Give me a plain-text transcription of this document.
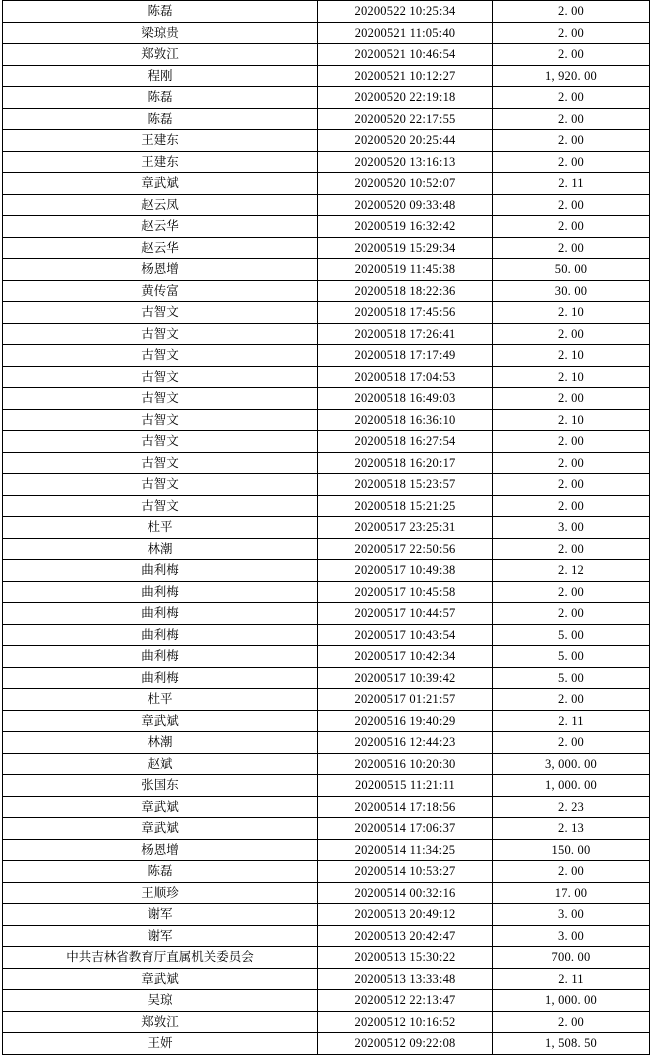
陈磊	20200522 10:25:34	2. 00
梁琼贵	20200521 11:05:40	2. 00
郑敦江	20200521 10:46:54	2. 00
程刚	20200521 10:12:27	1, 920. 00
陈磊	20200520 22:19:18	2. 00
陈磊	20200520 22:17:55	2. 00
王建东	20200520 20:25:44	2. 00
王建东	20200520 13:16:13	2. 00
章武斌	20200520 10:52:07	2. 11
赵云凤	20200520 09:33:48	2. 00
赵云华	20200519 16:32:42	2. 00
赵云华	20200519 15:29:34	2. 00
杨恩增	20200519 11:45:38	50. 00
黄传富	20200518 18:22:36	30. 00
古智文	20200518 17:45:56	2. 10
古智文	20200518 17:26:41	2. 00
古智文	20200518 17:17:49	2. 10
古智文	20200518 17:04:53	2. 10
古智文	20200518 16:49:03	2. 00
古智文	20200518 16:36:10	2. 10
古智文	20200518 16:27:54	2. 00
古智文	20200518 16:20:17	2. 00
古智文	20200518 15:23:57	2. 00
古智文	20200518 15:21:25	2. 00
杜平	20200517 23:25:31	3. 00
林潮	20200517 22:50:56	2. 00
曲利梅	20200517 10:49:38	2. 12
曲利梅	20200517 10:45:58	2. 00
曲利梅	20200517 10:44:57	2. 00
曲利梅	20200517 10:43:54	5. 00
曲利梅	20200517 10:42:34	5. 00
曲利梅	20200517 10:39:42	5. 00
杜平	20200517 01:21:57	2. 00
章武斌	20200516 19:40:29	2. 11
林潮	20200516 12:44:23	2. 00
赵斌	20200516 10:20:30	3, 000. 00
张国东	20200515 11:21:11	1, 000. 00
章武斌	20200514 17:18:56	2. 23
章武斌	20200514 17:06:37	2. 13
杨恩增	20200514 11:34:25	150. 00
陈磊	20200514 10:53:27	2. 00
王顺珍	20200514 00:32:16	17. 00
谢军	20200513 20:49:12	3. 00
谢军	20200513 20:42:47	3. 00
中共吉林省教育厅直属机关委员会	20200513 15:30:22	700. 00
章武斌	20200513 13:33:48	2. 11
吴琼	20200512 22:13:47	1, 000. 00
郑敦江	20200512 10:16:52	2. 00
王妍	20200512 09:22:08	1, 508. 50
